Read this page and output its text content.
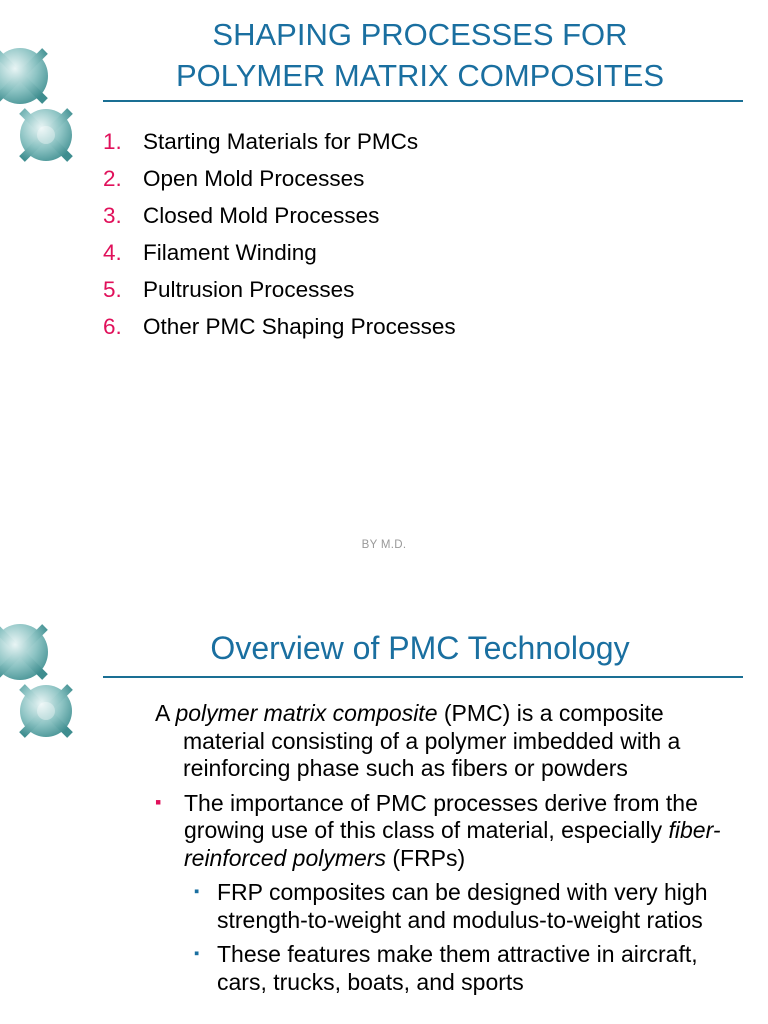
SHAPING PROCESSES FOR
POLYMER MATRIX COMPOSITES
1. Starting Materials for PMCs
2. Open Mold Processes
3. Closed Mold Processes
4. Filament Winding
5. Pultrusion Processes
6. Other PMC Shaping Processes
BY M.D.
Overview of PMC Technology

A polymer matrix composite (PMC) is a composite material consisting of a polymer imbedded with a reinforcing phase such as fibers or powders

▪ The importance of PMC processes derive from the growing use of this class of material, especially fiber-reinforced polymers (FRPs)
▪ FRP composites can be designed with very high strength-to-weight and modulus-to-weight ratios
▪ These features make them attractive in aircraft, cars, trucks, boats, and sports
